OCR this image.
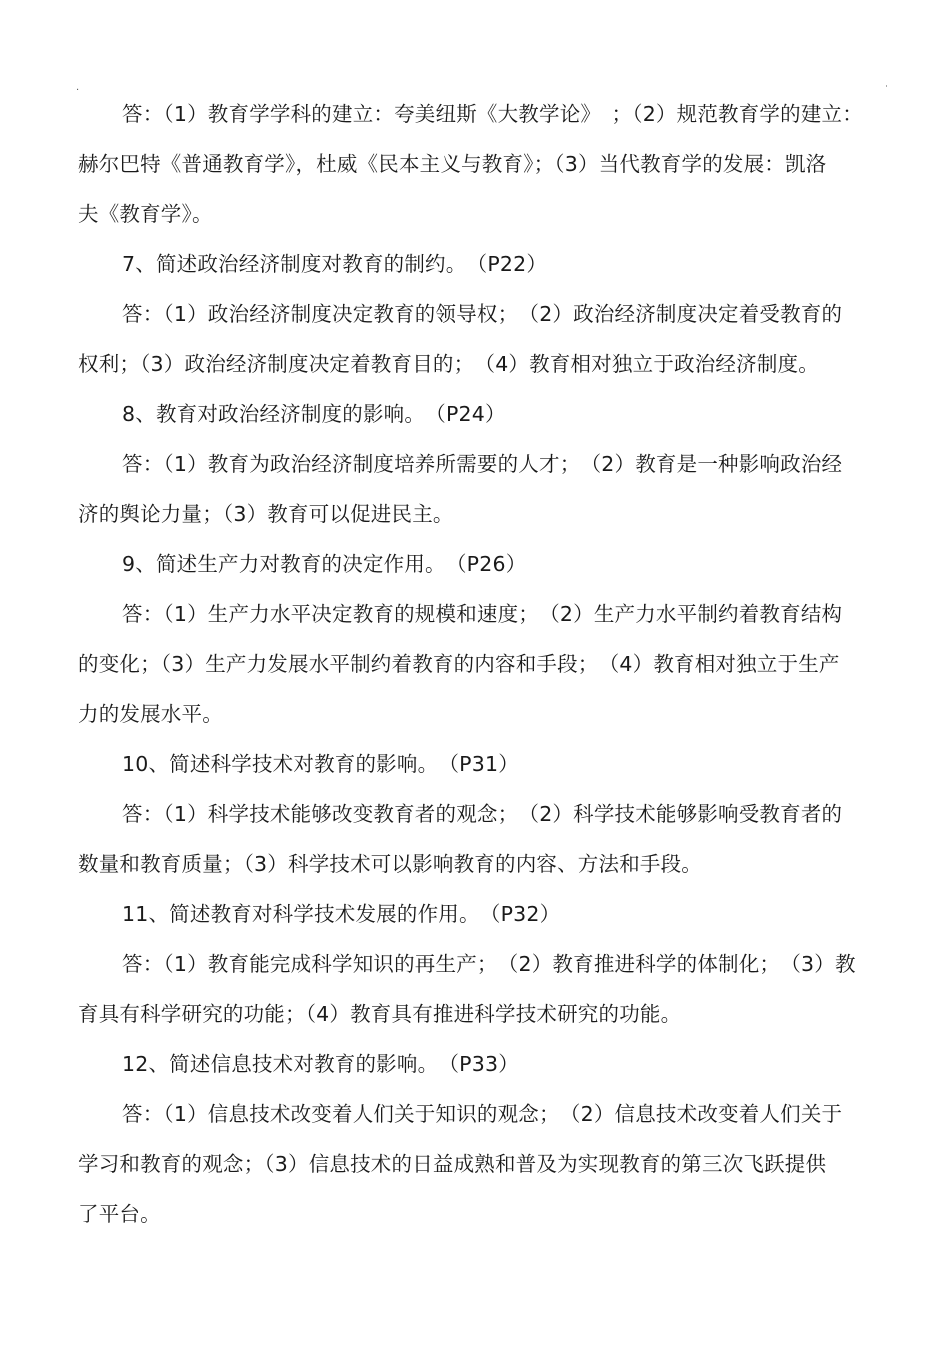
·	˙
答：（1）教育学学科的建立：夸美纽斯《大教学论》　；（2）规范教育学的建立：
赫尔巴特《普通教育学》，杜威《民本主义与教育》；（3）当代教育学的发展：凯洛
夫《教育学》。
7、简述政治经济制度对教育的制约。　（P22）
答：（1）政治经济制度决定教育的领导权；　（2）政治经济制度决定着受教育的
权利；（3）政治经济制度决定着教育目的；　（4）教育相对独立于政治经济制度。
8、教育对政治经济制度的影响。　（P24）
答：（1）教育为政治经济制度培养所需要的人才；　（2）教育是一种影响政治经
济的舆论力量；（3）教育可以促进民主。
9、简述生产力对教育的决定作用。　（P26）
答：（1）生产力水平决定教育的规模和速度；　（2）生产力水平制约着教育结构
的变化；（3）生产力发展水平制约着教育的内容和手段；　（4）教育相对独立于生产
力的发展水平。
10、简述科学技术对教育的影响。　（P31）
答：（1）科学技术能够改变教育者的观念；　（2）科学技术能够影响受教育者的
数量和教育质量；（3）科学技术可以影响教育的内容、方法和手段。
11、简述教育对科学技术发展的作用。　（P32）
答：（1）教育能完成科学知识的再生产；　（2）教育推进科学的体制化；　（3）教
育具有科学研究的功能；（4）教育具有推进科学技术研究的功能。
12、简述信息技术对教育的影响。　（P33）
答：（1）信息技术改变着人们关于知识的观念；　（2）信息技术改变着人们关于
学习和教育的观念；（3）信息技术的日益成熟和普及为实现教育的第三次飞跃提供
了平台。
